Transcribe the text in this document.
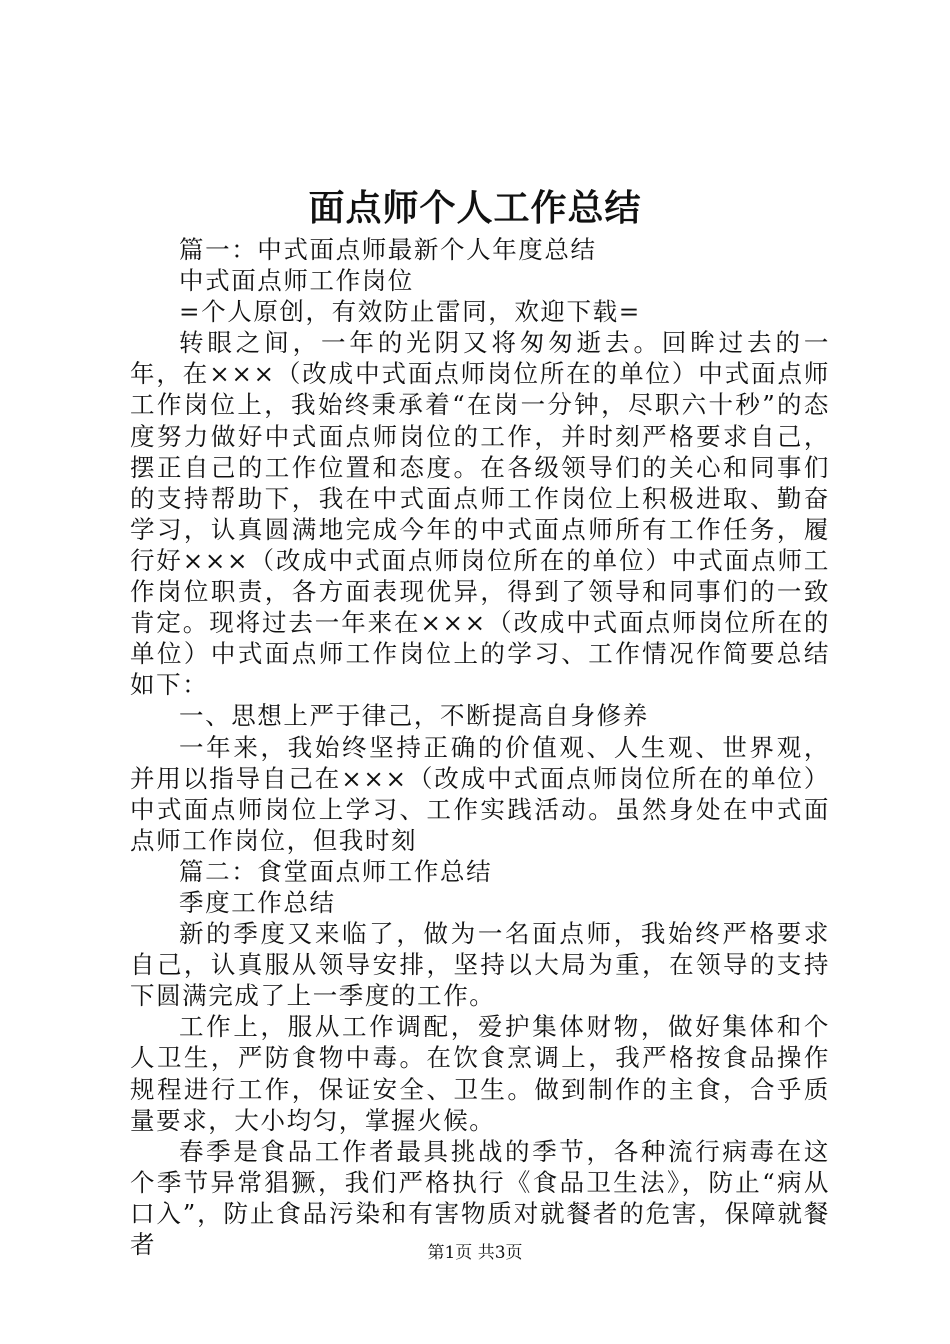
面点师个人工作总结

篇一：中式面点师最新个人年度总结

中式面点师工作岗位

=个人原创，有效防止雷同，欢迎下载=

转眼之间，一年的光阴又将匆匆逝去。回眸过去的一年，在×××（改成中式面点师岗位所在的单位）中式面点师工作岗位上，我始终秉承着“在岗一分钟，尽职六十秒”的态度努力做好中式面点师岗位的工作，并时刻严格要求自己，摆正自己的工作位置和态度。在各级领导们的关心和同事们的支持帮助下，我在中式面点师工作岗位上积极进取、勤奋学习，认真圆满地完成今年的中式面点师所有工作任务，履行好×××（改成中式面点师岗位所在的单位）中式面点师工作岗位职责，各方面表现优异，得到了领导和同事们的一致肯定。现将过去一年来在×××（改成中式面点师岗位所在的单位）中式面点师工作岗位上的学习、工作情况作简要总结如下：

一、思想上严于律己，不断提高自身修养

一年来，我始终坚持正确的价值观、人生观、世界观，并用以指导自己在×××（改成中式面点师岗位所在的单位）中式面点师岗位上学习、工作实践活动。虽然身处在中式面点师工作岗位，但我时刻

篇二：食堂面点师工作总结

季度工作总结

新的季度又来临了，做为一名面点师，我始终严格要求自己，认真服从领导安排，坚持以大局为重，在领导的支持下圆满完成了上一季度的工作。

工作上，服从工作调配，爱护集体财物，做好集体和个人卫生，严防食物中毒。在饮食烹调上，我严格按食品操作规程进行工作，保证安全、卫生。做到制作的主食，合乎质量要求，大小均匀，掌握火候。

春季是食品工作者最具挑战的季节，各种流行病毒在这个季节异常猖獗，我们严格执行《食品卫生法》，防止“病从口入”，防止食品污染和有害物质对就餐者的危害，保障就餐者	第1页 共3页
